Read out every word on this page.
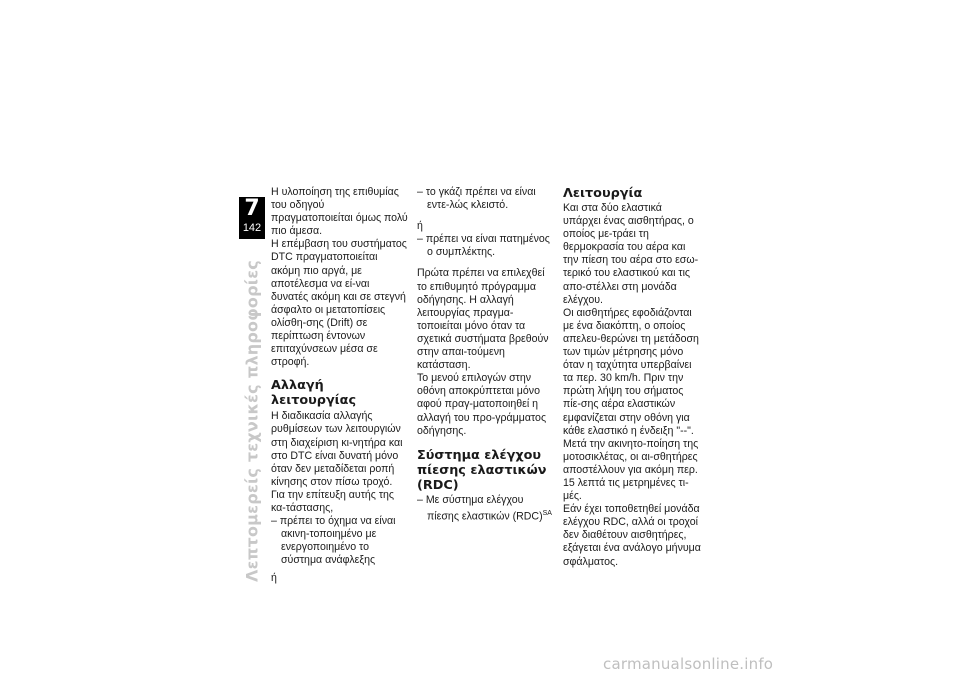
7
142
Λεπτομερείς τεχνικές πληροφορίες

Η υλοποίηση της επιθυμίας του οδηγού πραγματοποιείται όμως πολύ πιο άμεσα.

Η επέμβαση του συστήματος DTC πραγματοποιείται ακόμη πιο αργά, με αποτέλεσμα να εί-ναι δυνατές ακόμη και σε στεγνή άσφαλτο οι μετατοπίσεις ολίσθη-σης (Drift) σε περίπτωση έντονων επιταχύνσεων μέσα σε στροφή.

Αλλαγή λειτουργίας

Η διαδικασία αλλαγής ρυθμίσεων των λειτουργιών στη διαχείριση κι-νητήρα και στο DTC είναι δυνατή μόνο όταν δεν μεταδίδεται ροπή κίνησης στον πίσω τροχό.

Για την επίτευξη αυτής της κα-τάστασης,

– πρέπει το όχημα να είναι ακινη-τοποιημένο με ενεργοποιημένο το σύστημα ανάφλεξης

ή

– το γκάζι πρέπει να είναι εντε-λώς κλειστό.

ή

– πρέπει να είναι πατημένος ο συμπλέκτης.

Πρώτα πρέπει να επιλεχθεί το επιθυμητό πρόγραμμα οδήγησης. Η αλλαγή λειτουργίας πραγμα-τοποιείται μόνο όταν τα σχετικά συστήματα βρεθούν στην απαι-τούμενη κατάσταση.

Το μενού επιλογών στην οθόνη αποκρύπτεται μόνο αφού πραγ-ματοποιηθεί η αλλαγή του προ-γράμματος οδήγησης.

Σύστημα ελέγχου πίεσης ελαστικών (RDC)

– Με σύστημα ελέγχου πίεσης ελαστικών (RDC)$^{SA}$

Λειτουργία

Και στα δύο ελαστικά υπάρχει ένας αισθητήρας, ο οποίος με-τράει τη θερμοκρασία του αέρα και την πίεση του αέρα στο εσω-τερικό του ελαστικού και τις απο-στέλλει στη μονάδα ελέγχου.

Οι αισθητήρες εφοδιάζονται με ένα διακόπτη, ο οποίος απελευ-θερώνει τη μετάδοση των τιμών μέτρησης μόνο όταν η ταχύτητα υπερβαίνει τα περ. 30 km/h. Πριν την πρώτη λήψη του σήματος πίε-σης αέρα ελαστικών εμφανίζεται στην οθόνη για κάθε ελαστικό η ένδειξη "--". Μετά την ακινητο-ποίηση της μοτοσικλέτας, οι αι-σθητήρες αποστέλλουν για ακόμη περ. 15 λεπτά τις μετρημένες τι-μές.

Εάν έχει τοποθετηθεί μονάδα ελέγχου RDC, αλλά οι τροχοί δεν διαθέτουν αισθητήρες, εξάγεται ένα ανάλογο μήνυμα σφάλματος.

carmanualsonline.info
